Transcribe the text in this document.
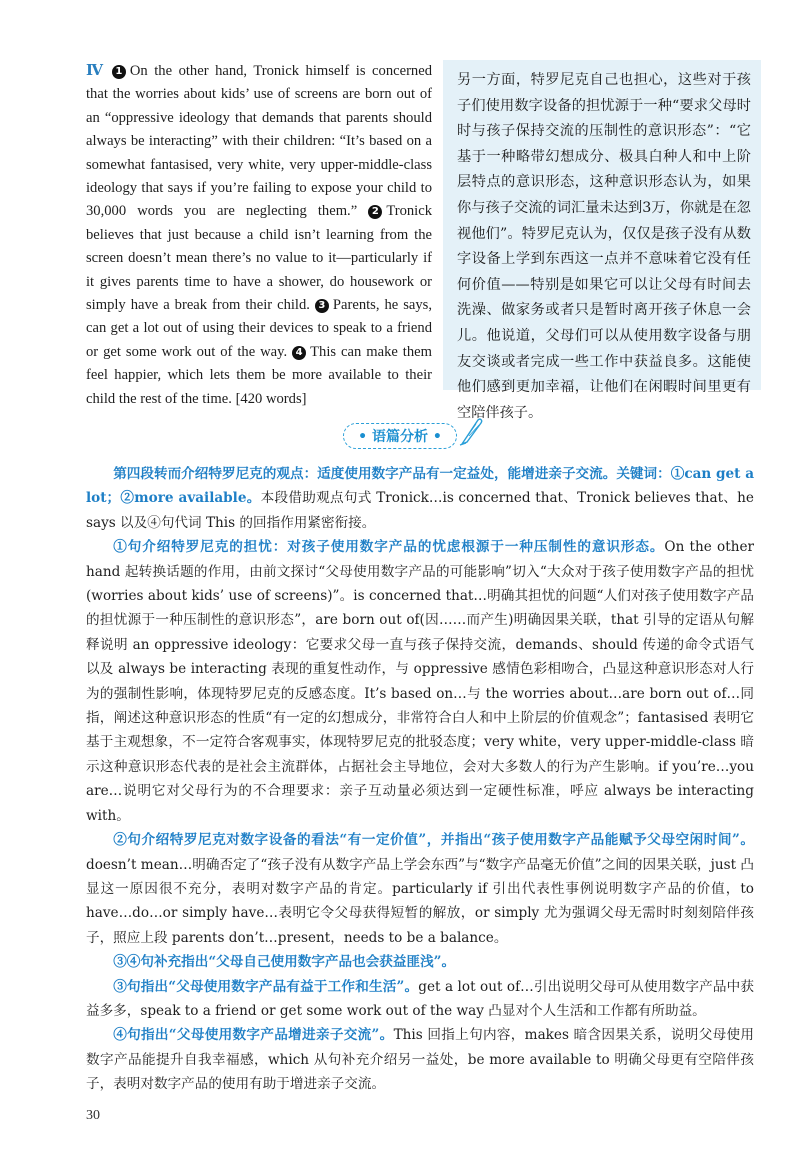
Ⅳ 1 On the other hand, Tronick himself is concerned that the worries about kids’ use of screens are born out of an “oppressive ideology that demands that parents should always be interacting” with their children: “It’s based on a somewhat fantasised, very white, very upper-middle-class ideology that says if you’re failing to expose your child to 30,000 words you are neglecting them.” 2 Tronick believes that just because a child isn’t learning from the screen doesn’t mean there’s no value to it—particularly if it gives parents time to have a shower, do housework or simply have a break from their child. 3 Parents, he says, can get a lot out of using their devices to speak to a friend or get some work out of the way. 4 This can make them feel happier, which lets them be more available to their child the rest of the time. [420 words]
另一方面，特罗尼克自己也担心，这些对于孩子们使用数字设备的担忧源于一种“要求父母时时与孩子保持交流的压制性的意识形态”：“它基于一种略带幻想成分、极具白种人和中上阶层特点的意识形态，这种意识形态认为，如果你与孩子交流的词汇量未达到3万，你就是在忽视他们”。特罗尼克认为，仅仅是孩子没有从数字设备上学到东西这一点并不意味着它没有任何价值——特别是如果它可以让父母有时间去洗澡、做家务或者只是暂时离开孩子休息一会儿。他说道，父母们可以从使用数字设备与朋友交谈或者完成一些工作中获益良多。这能使他们感到更加幸福，让他们在闲暇时间里更有空陪伴孩子。
• 语篇分析 •

第四段转而介绍特罗尼克的观点：适度使用数字产品有一定益处，能增进亲子交流。关键词：①can get a lot；②more available。本段借助观点句式 Tronick…is concerned that、Tronick believes that、he says 以及④句代词 This 的回指作用紧密衔接。

①句介绍特罗尼克的担忧：对孩子使用数字产品的忧虑根源于一种压制性的意识形态。On the other hand 起转换话题的作用，由前文探讨“父母使用数字产品的可能影响”切入“大众对于孩子使用数字产品的担忧(worries about kids’ use of screens)”。is concerned that…明确其担忧的问题“人们对孩子使用数字产品的担忧源于一种压制性的意识形态”，are born out of(因……而产生)明确因果关联，that 引导的定语从句解释说明 an oppressive ideology：它要求父母一直与孩子保持交流，demands、should 传递的命令式语气以及 always be interacting 表现的重复性动作，与 oppressive 感情色彩相吻合，凸显这种意识形态对人行为的强制性影响，体现特罗尼克的反感态度。It’s based on…与 the worries about…are born out of…同指，阐述这种意识形态的性质“有一定的幻想成分，非常符合白人和中上阶层的价值观念”；fantasised 表明它基于主观想象，不一定符合客观事实，体现特罗尼克的批驳态度；very white，very upper-middle-class 暗示这种意识形态代表的是社会主流群体，占据社会主导地位，会对大多数人的行为产生影响。if you’re…you are…说明它对父母行为的不合理要求：亲子互动量必须达到一定硬性标准，呼应 always be interacting with。

②句介绍特罗尼克对数字设备的看法“有一定价值”，并指出“孩子使用数字产品能赋予父母空闲时间”。doesn’t mean…明确否定了“孩子没有从数字产品上学会东西”与“数字产品毫无价值”之间的因果关联，just 凸显这一原因很不充分，表明对数字产品的肯定。particularly if 引出代表性事例说明数字产品的价值，to have…do…or simply have…表明它令父母获得短暂的解放，or simply 尤为强调父母无需时时刻刻陪伴孩子，照应上段 parents don’t…present，needs to be a balance。

③④句补充指出“父母自己使用数字产品也会获益匪浅”。

③句指出“父母使用数字产品有益于工作和生活”。get a lot out of…引出说明父母可从使用数字产品中获益多多，speak to a friend or get some work out of the way 凸显对个人生活和工作都有所助益。

④句指出“父母使用数字产品增进亲子交流”。This 回指上句内容，makes 暗含因果关系，说明父母使用数字产品能提升自我幸福感，which 从句补充介绍另一益处，be more available to 明确父母更有空陪伴孩子，表明对数字产品的使用有助于增进亲子交流。

30
